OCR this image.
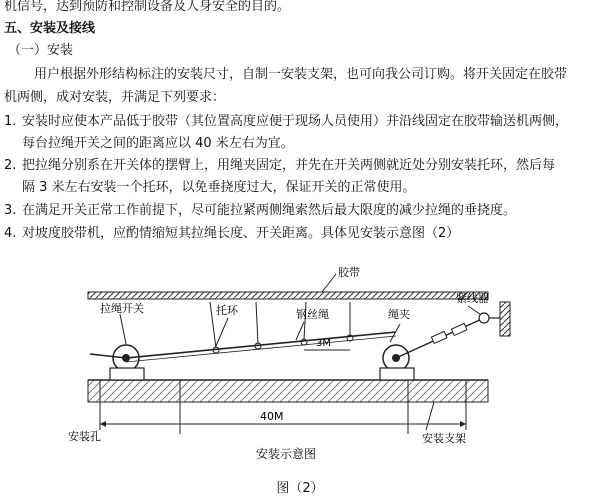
机信号，达到预防和控制设备及人身安全的目的。
五、安装及接线
（一）安装
用户根据外形结构标注的安装尺寸，自制一安装支架，也可向我公司订购。将开关固定在胶带
机两侧，成对安装，并满足下列要求：
1. 安装时应使本产品低于胶带（其位置高度应便于现场人员使用）并沿线固定在胶带输送机两侧，
每台拉绳开关之间的距离应以 40 米左右为宜。
2. 把拉绳分别系在开关体的摆臂上，用绳夹固定，并先在开关两侧就近处分别安装托环，然后每
隔 3 米左右安装一个托环，以免垂挠度过大，保证开关的正常使用。
3. 在满足开关正常工作前提下，尽可能拉紧两侧绳索然后最大限度的减少拉绳的垂挠度。
4. 对坡度胶带机，应酌情缩短其拉绳长度、开关距离。具体见安装示意图（2）
胶带
拉绳开关	托环	钢丝绳
3M
绳夹
紧线器
40M
安装孔	安装支架
安装示意图
图（2）
